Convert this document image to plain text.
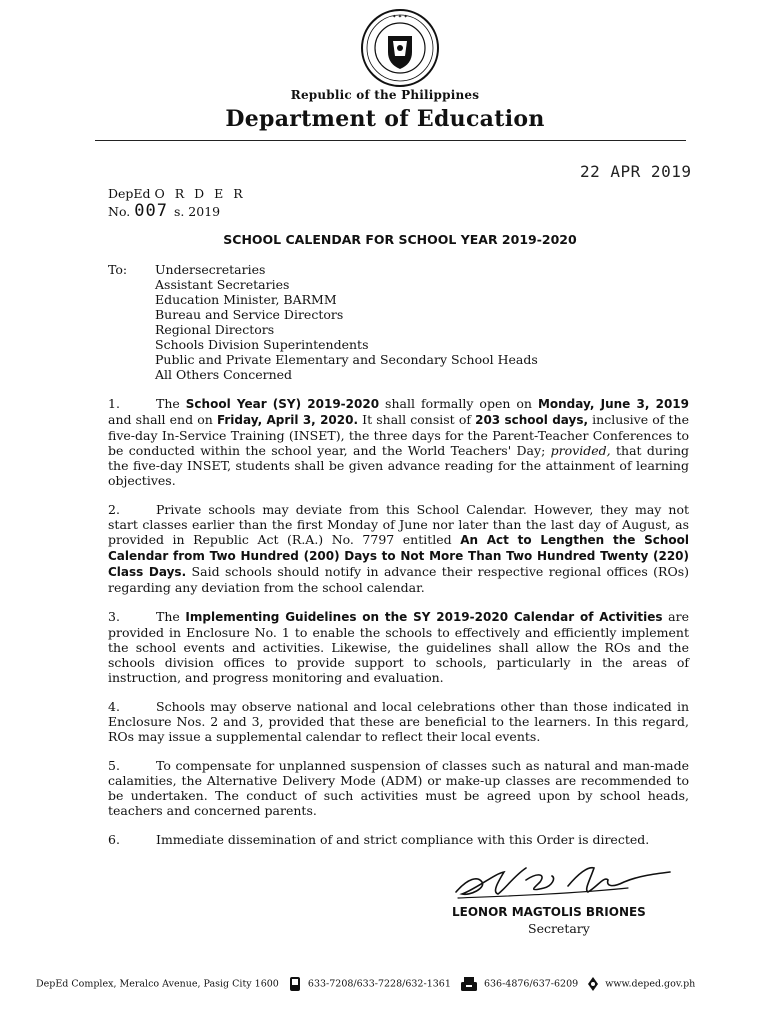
✦ ✦ ✦
Republic of the Philippines
Department of Education
22 APR 2019
DepEd O R D E R
No. 007 s. 2019
SCHOOL CALENDAR FOR SCHOOL YEAR 2019-2020
To: Undersecretaries
Assistant Secretaries
Education Minister, BARMM
Bureau and Service Directors
Regional Directors
Schools Division Superintendents
Public and Private Elementary and Secondary School Heads
All Others Concerned

1.	The School Year (SY) 2019-2020 shall formally open on Monday, June 3, 2019 and shall end on Friday, April 3, 2020. It shall consist of 203 school days, inclusive of the five-day In-Service Training (INSET), the three days for the Parent-Teacher Conferences to be conducted within the school year, and the World Teachers' Day; provided, that during the five-day INSET, students shall be given advance reading for the attainment of learning objectives.

2.	Private schools may deviate from this School Calendar. However, they may not start classes earlier than the first Monday of June nor later than the last day of August, as provided in Republic Act (R.A.) No. 7797 entitled An Act to Lengthen the School Calendar from Two Hundred (200) Days to Not More Than Two Hundred Twenty (220) Class Days. Said schools should notify in advance their respective regional offices (ROs) regarding any deviation from the school calendar.

3.	The Implementing Guidelines on the SY 2019-2020 Calendar of Activities are provided in Enclosure No. 1 to enable the schools to effectively and efficiently implement the school events and activities. Likewise, the guidelines shall allow the ROs and the schools division offices to provide support to schools, particularly in the areas of instruction, and progress monitoring and evaluation.

4.	Schools may observe national and local celebrations other than those indicated in Enclosure Nos. 2 and 3, provided that these are beneficial to the learners. In this regard, ROs may issue a supplemental calendar to reflect their local events.

5.	To compensate for unplanned suspension of classes such as natural and man-made calamities, the Alternative Delivery Mode (ADM) or make-up classes are recommended to be undertaken. The conduct of such activities must be agreed upon by school heads, teachers and concerned parents.

6.	Immediate dissemination of and strict compliance with this Order is directed.

LEONOR MAGTOLIS BRIONES
Secretary
DepEd Complex, Meralco Avenue, Pasig City 1600	633-7208/633-7228/632-1361	636-4876/637-6209	www.deped.gov.ph
